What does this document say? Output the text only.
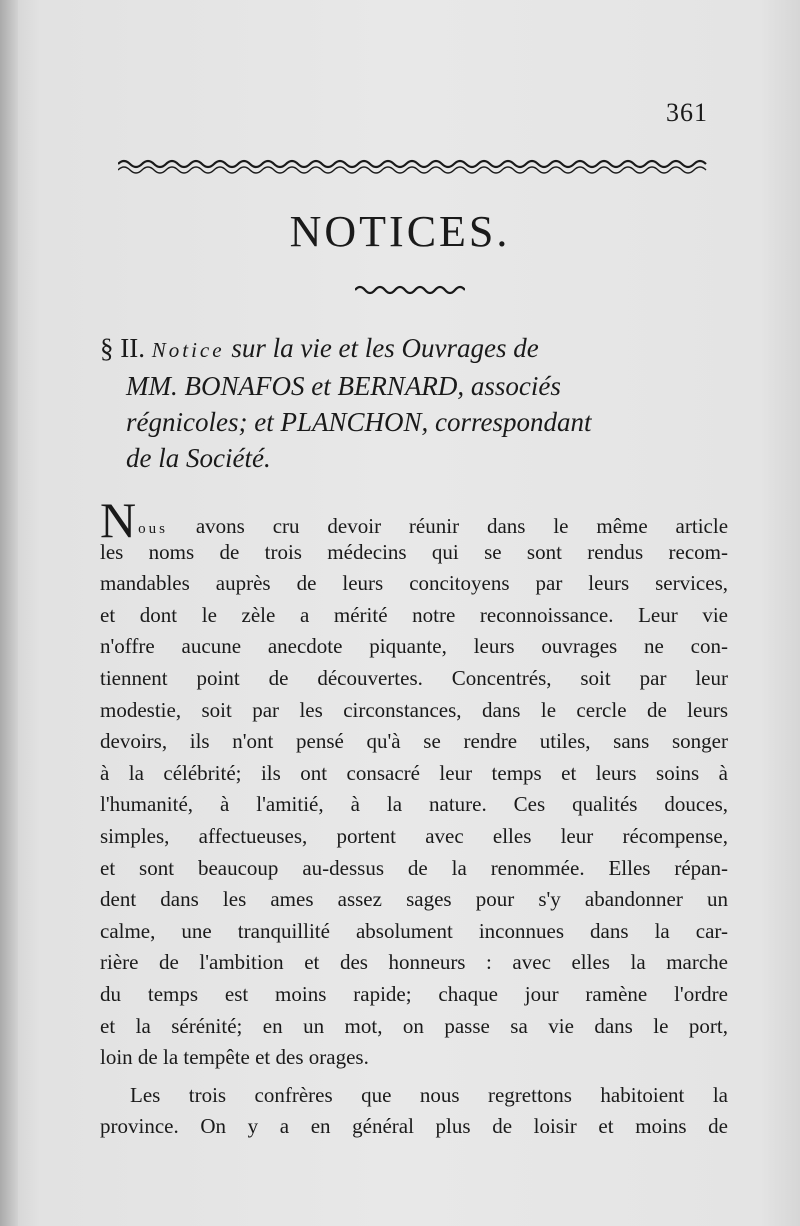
361
NOTICES.
§ II. Notice sur la vie et les Ouvrages de
MM. BONAFOS et BERNARD, associés
régnicoles; et PLANCHON, correspondant
de la Société.
Nous avons cru devoir réunir dans le même article
les noms de trois médecins qui se sont rendus recom-
mandables auprès de leurs concitoyens par leurs services,
et dont le zèle a mérité notre reconnoissance. Leur vie
n'offre aucune anecdote piquante, leurs ouvrages ne con-
tiennent point de découvertes. Concentrés, soit par leur
modestie, soit par les circonstances, dans le cercle de leurs
devoirs, ils n'ont pensé qu'à se rendre utiles, sans songer
à la célébrité; ils ont consacré leur temps et leurs soins à
l'humanité, à l'amitié, à la nature. Ces qualités douces,
simples, affectueuses, portent avec elles leur récompense,
et sont beaucoup au-dessus de la renommée. Elles répan-
dent dans les ames assez sages pour s'y abandonner un
calme, une tranquillité absolument inconnues dans la car-
rière de l'ambition et des honneurs : avec elles la marche
du temps est moins rapide; chaque jour ramène l'ordre
et la sérénité; en un mot, on passe sa vie dans le port,
loin de la tempête et des orages.
Les trois confrères que nous regrettons habitoient la
province. On y a en général plus de loisir et moins de
